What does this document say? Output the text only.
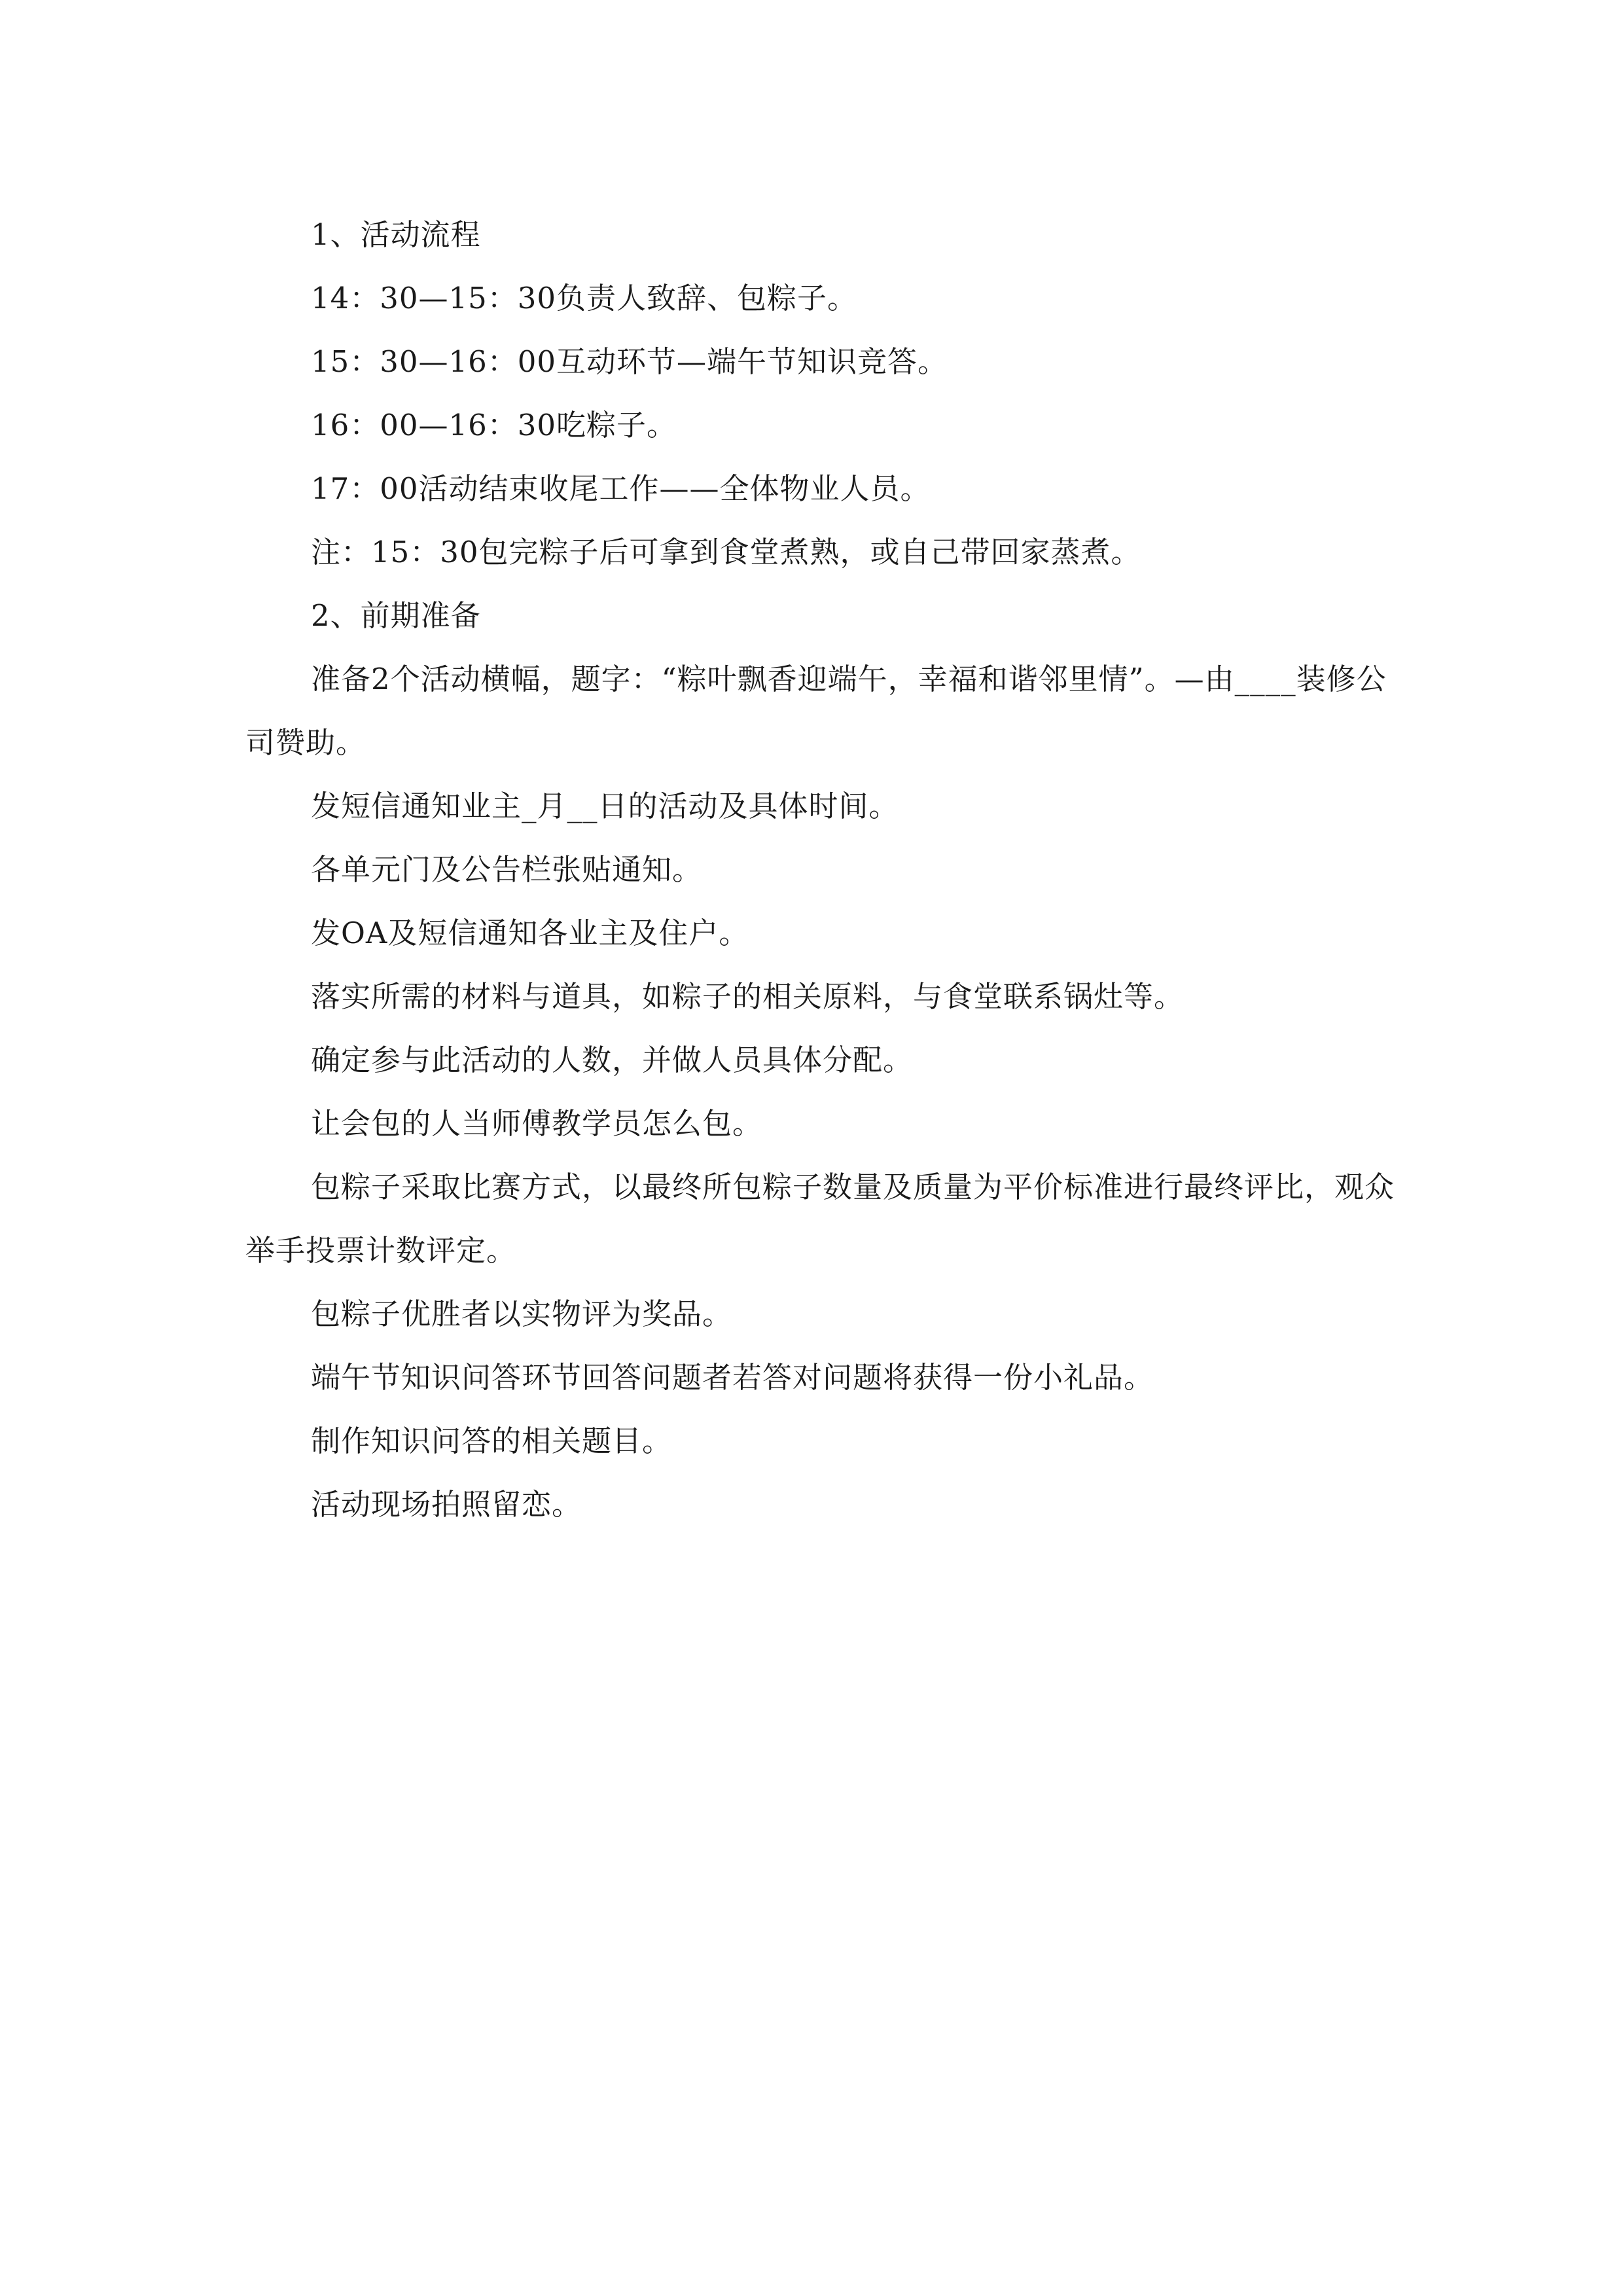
1、活动流程

14：30—15：30负责人致辞、包粽子。

15：30—16：00互动环节—端午节知识竞答。

16：00—16：30吃粽子。

17：00活动结束收尾工作——全体物业人员。

注：15：30包完粽子后可拿到食堂煮熟，或自己带回家蒸煮。

2、前期准备

准备2个活动横幅，题字：“粽叶飘香迎端午，幸福和谐邻里情”。—由____装修公司赞助。

发短信通知业主_月__日的活动及具体时间。

各单元门及公告栏张贴通知。

发OA及短信通知各业主及住户。

落实所需的材料与道具，如粽子的相关原料，与食堂联系锅灶等。

确定参与此活动的人数，并做人员具体分配。

让会包的人当师傅教学员怎么包。

包粽子采取比赛方式，以最终所包粽子数量及质量为平价标准进行最终评比，观众举手投票计数评定。

包粽子优胜者以实物评为奖品。

端午节知识问答环节回答问题者若答对问题将获得一份小礼品。

制作知识问答的相关题目。

活动现场拍照留恋。
